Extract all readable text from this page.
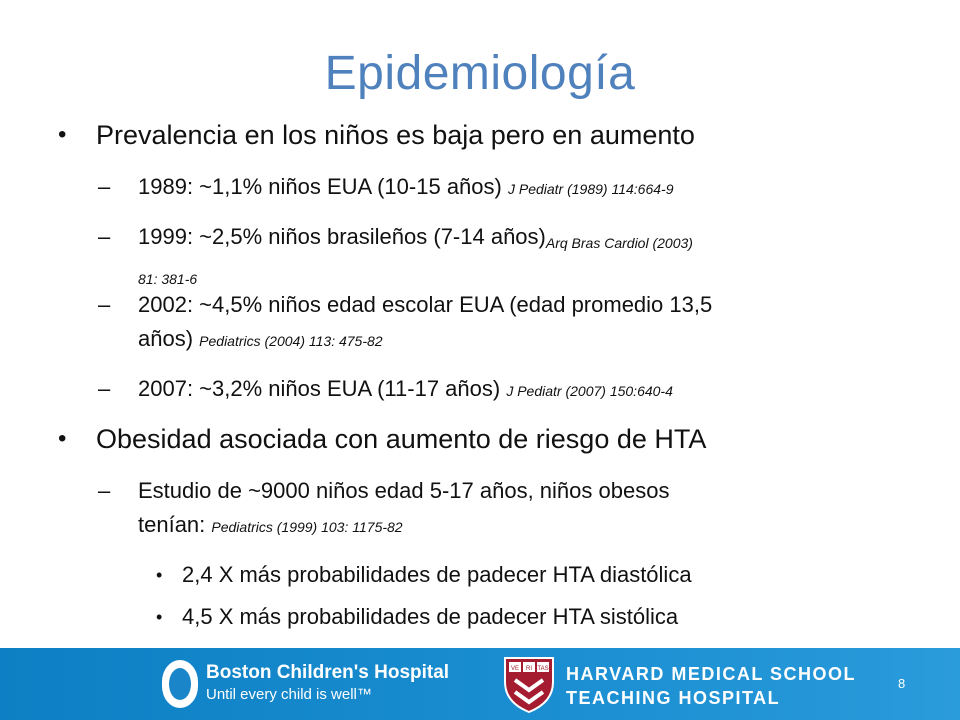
Epidemiología
• Prevalencia en los niños es baja pero en aumento
– 1989: ~1,1% niños EUA (10-15 años) J Pediatr (1989) 114:664-9
– 1999: ~2,5% niños brasileños (7-14 años)Arq Bras Cardiol (2003)
81: 381-6
– 2002: ~4,5% niños edad escolar EUA (edad promedio 13,5
años) Pediatrics (2004) 113: 475-82
– 2007: ~3,2% niños EUA (11-17 años) J Pediatr (2007) 150:640-4
• Obesidad asociada con aumento de riesgo de HTA
– Estudio de ~9000 niños edad 5-17 años, niños obesos
tenían: Pediatrics (1999) 103: 1175-82
• 2,4 X más probabilidades de padecer HTA diastólica
• 4,5 X más probabilidades de padecer HTA sistólica
Boston Children's Hospital
Until every child is well™
VE RI TAS HARVARD MEDICAL SCHOOL
TEACHING HOSPITAL
8
